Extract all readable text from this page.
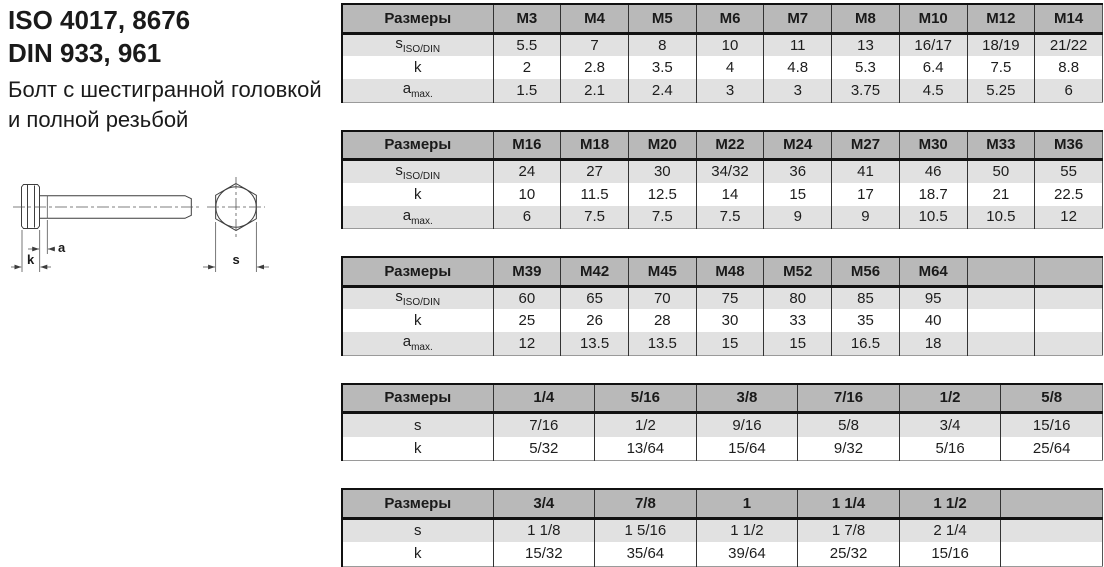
ISO 4017, 8676
DIN 933, 961
Болт с шестигранной головкой
и полной резьбой
a
k	s
Размеры	M3	M4	M5	M6	M7	M8	M10	M12	M14
$s_{ISO/DIN}$	5.5	7	8	10	11	13	16/17	18/19	21/22
k	2	2.8	3.5	4	4.8	5.3	6.4	7.5	8.8
$a_{max.}$	1.5	2.1	2.4	3	3	3.75	4.5	5.25	6
Размеры	M16	M18	M20	M22	M24	M27	M30	M33	M36
$s_{ISO/DIN}$	24	27	30	34/32	36	41	46	50	55
k	10	11.5	12.5	14	15	17	18.7	21	22.5
$a_{max.}$	6	7.5	7.5	7.5	9	9	10.5	10.5	12
Размеры	M39	M42	M45	M48	M52	M56	M64		
$s_{ISO/DIN}$	60	65	70	75	80	85	95		
k	25	26	28	30	33	35	40		
$a_{max.}$	12	13.5	13.5	15	15	16.5	18		
Размеры	1/4	5/16	3/8	7/16	1/2	5/8
s	7/16	1/2	9/16	5/8	3/4	15/16
k	5/32	13/64	15/64	9/32	5/16	25/64
Размеры	3/4	7/8	1	1 1/4	1 1/2	
s	1 1/8	1 5/16	1 1/2	1 7/8	2 1/4	
k	15/32	35/64	39/64	25/32	15/16	
